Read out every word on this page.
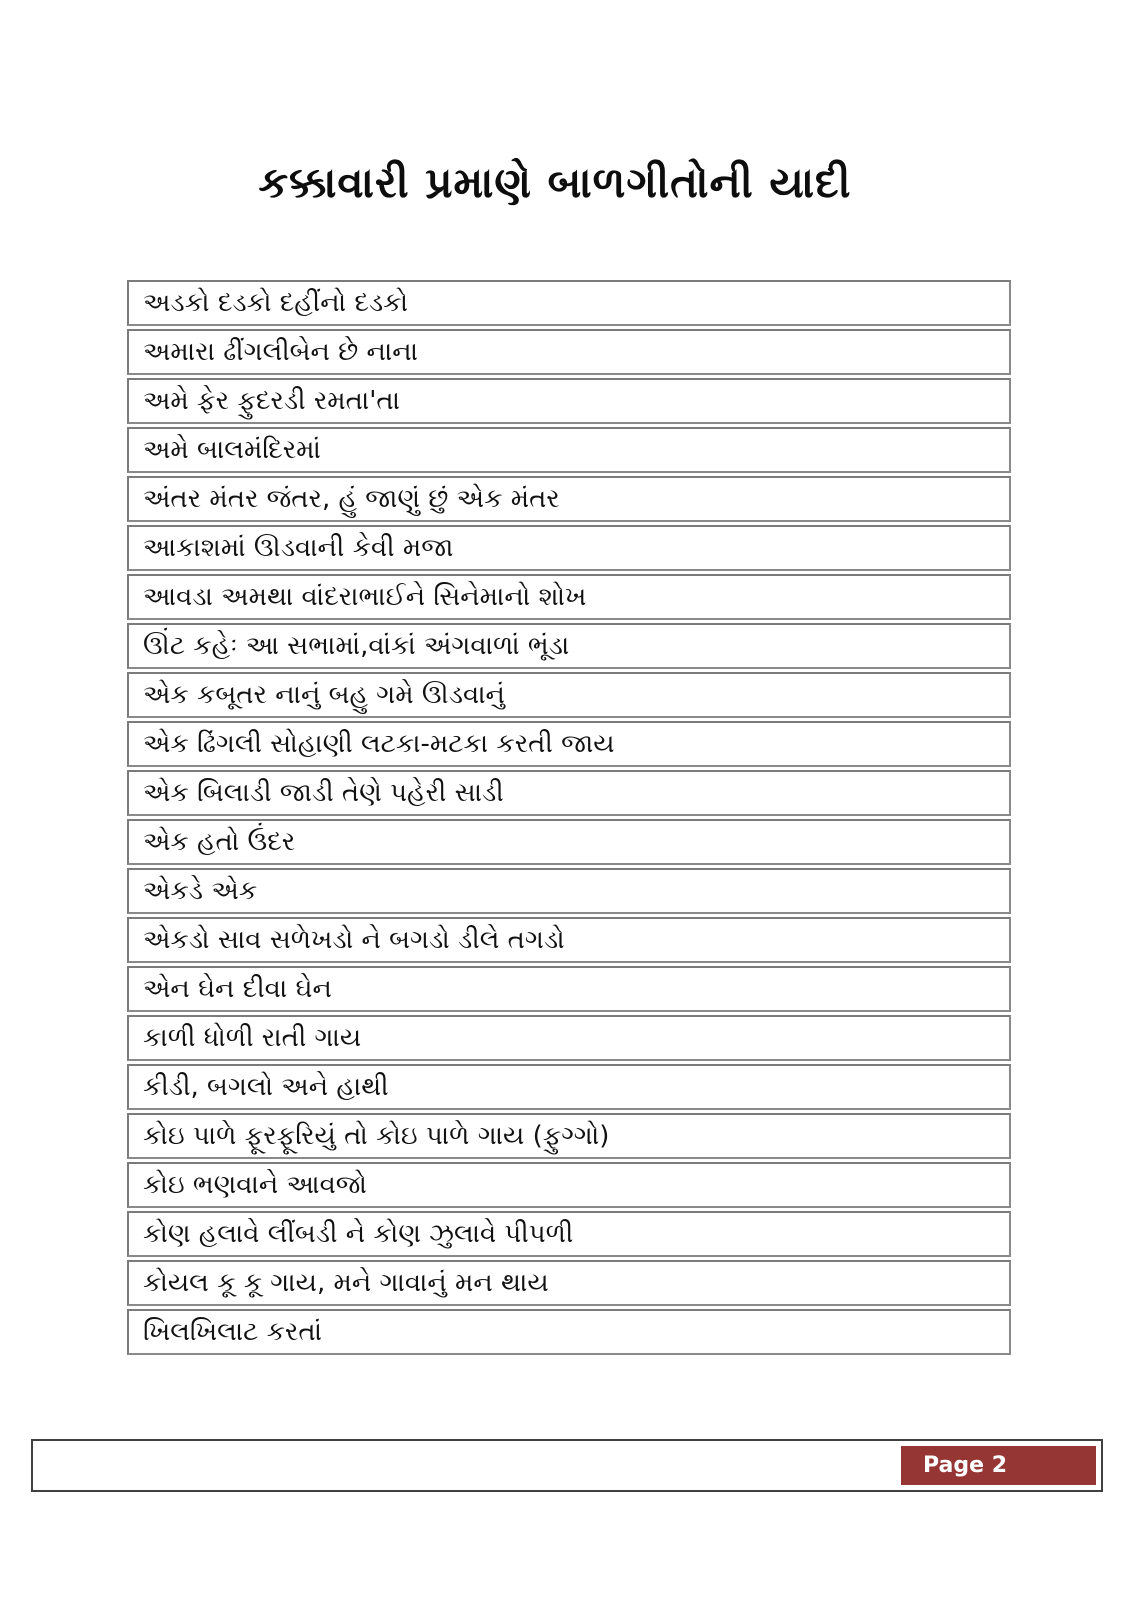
કક્કાવારી પ્રમાણે બાળગીતોની યાદી
અડકો દડકો દહીંનો દડકો
અમારા ઢીંગલીબેન છે નાના
અમે ફેર ફુદરડી રમતા'તા
અમે બાલમંદિરમાં
અંતર મંતર જંતર, હું જાણું છું એક મંતર
આકાશમાં ઊડવાની કેવી મજા
આવડા અમથા વાંદરાભાઈને સિનેમાનો શોખ
ઊંટ કહેઃ આ સભામાં,વાંકાં અંગવાળાં ભૂંડા
એક કબૂતર નાનું બહુ ગમે ઊડવાનું
એક ઢિંગલી સોહાણી લટકા-મટકા કરતી જાય
એક બિલાડી જાડી તેણે પહેરી સાડી
એક હતો ઉંદર
એકડે એક
એકડો સાવ સળેખડો ને બગડો ડીલે તગડો
એન ઘેન દીવા ઘેન
કાળી ધોળી રાતી ગાય
કીડી, બગલો અને હાથી
કોઇ પાળે ફૂરફૂરિયું તો કોઇ પાળે ગાય (ફુગ્ગો)
કોઇ ભણવાને આવજો
કોણ હલાવે લીંબડી ને કોણ ઝુલાવે પીપળી
કોયલ કૂ કૂ ગાય, મને ગાવાનું મન થાય
ખિલખિલાટ કરતાં
Page 2
